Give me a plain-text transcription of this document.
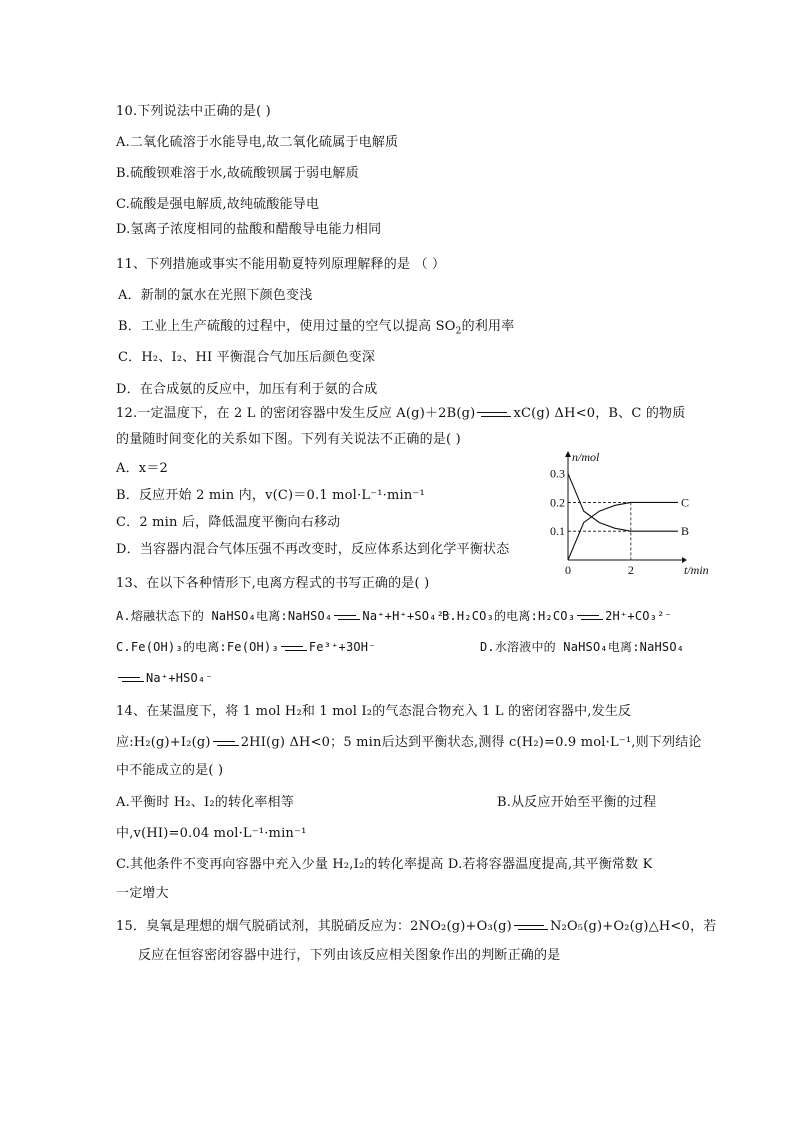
10.下列说法中正确的是( )
A.二氧化硫溶于水能导电,故二氧化硫属于电解质
B.硫酸钡难溶于水,故硫酸钡属于弱电解质
C.硫酸是强电解质,故纯硫酸能导电
D.氢离子浓度相同的盐酸和醋酸导电能力相同
11、下列措施或事实不能用勒夏特列原理解释的是 （ ）
A．新制的氯水在光照下颜色变浅
B．工业上生产硫酸的过程中，使用过量的空气以提高 $SO_2$的利用率
C．H₂、I₂、HI 平衡混合气加压后颜色变深
D．在合成氨的反应中，加压有利于氨的合成
12.一定温度下，在 2 L 的密闭容器中发生反应 A(g)＋2B(g)	xC(g) ΔH<0，B、C 的物质
的量随时间变化的关系如下图。下列有关说法不正确的是( )
A．x＝2
B．反应开始 2 min 内，v(C)＝0.1 mol·L⁻¹·min⁻¹
C．2 min 后，降低温度平衡向右移动
D．当容器内混合气体压强不再改变时，反应体系达到化学平衡状态
0.3
0.2
0.1
0	2
n/mol
t/min
C
B
13、在以下各种情形下,电离方程式的书写正确的是( )
A.熔融状态下的 NaHSO₄电离:NaHSO₄	Na⁺+H⁺+SO₄²⁻
B.H₂CO₃的电离:H₂CO₃	2H⁺+CO₃²⁻
C.Fe(OH)₃的电离:Fe(OH)₃	Fe³⁺+3OH⁻	D.水溶液中的 NaHSO₄电离:NaHSO₄
Na⁺+HSO₄⁻
14、在某温度下，将 1 mol H₂和 1 mol I₂的气态混合物充入 1 L 的密闭容器中,发生反
应:H₂(g)+I₂(g) 2HI(g) ΔH<0；5 min后达到平衡状态,测得 c(H₂)=0.9 mol·L⁻¹,则下列结论
中不能成立的是( )
A.平衡时 H₂、I₂的转化率相等	B.从反应开始至平衡的过程
中,v(HI)=0.04 mol·L⁻¹·min⁻¹
C.其他条件不变再向容器中充入少量 H₂,I₂的转化率提高 D.若将容器温度提高,其平衡常数 K
一定增大
15．臭氧是理想的烟气脱硝试剂，其脱硝反应为：2NO₂(g)+O₃(g)	N₂O₅(g)+O₂(g)△H<0，若
反应在恒容密闭容器中进行，下列由该反应相关图象作出的判断正确的是
